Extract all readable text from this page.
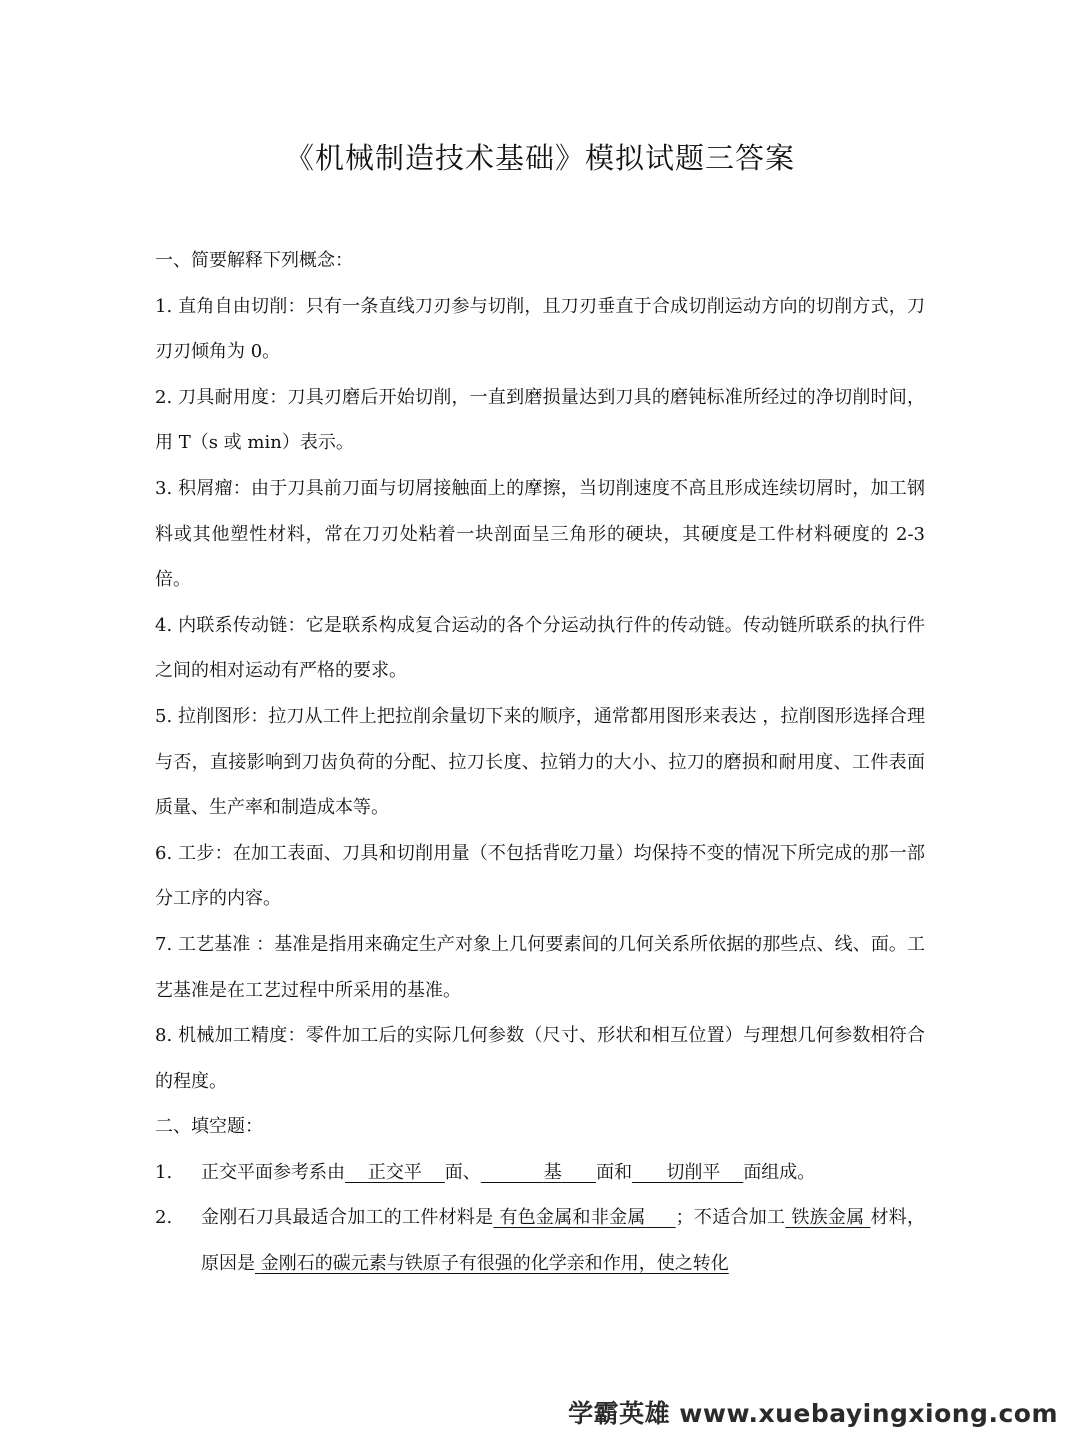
《机械制造技术基础》模拟试题三答案

一、简要解释下列概念：

1. 直角自由切削：只有一条直线刀刃参与切削，且刀刃垂直于合成切削运动方向的切削方式，刀刃刃倾角为 0。

2. 刀具耐用度：刀具刃磨后开始切削，一直到磨损量达到刀具的磨钝标准所经过的净切削时间，用 T（s 或 min）表示。

3. 积屑瘤：由于刀具前刀面与切屑接触面上的摩擦，当切削速度不高且形成连续切屑时，加工钢料或其他塑性材料，常在刀刃处粘着一块剖面呈三角形的硬块，其硬度是工件材料硬度的 2-3 倍。

4. 内联系传动链：它是联系构成复合运动的各个分运动执行件的传动链。传动链所联系的执行件之间的相对运动有严格的要求。

5. 拉削图形：拉刀从工件上把拉削余量切下来的顺序，通常都用图形来表达 ，拉削图形选择合理与否，直接影响到刀齿负荷的分配、拉刀长度、拉销力的大小、拉刀的磨损和耐用度、工件表面质量、生产率和制造成本等。

6. 工步：在加工表面、刀具和切削用量（不包括背吃刀量）均保持不变的情况下所完成的那一部分工序的内容。

7. 工艺基准 ：基准是指用来确定生产对象上几何要素间的几何关系所依据的那些点、线、面。工艺基准是在工艺过程中所采用的基准。

8. 机械加工精度：零件加工后的实际几何参数（尺寸、形状和相互位置）与理想几何参数相符合的程度。

二、填空题：

1. 正交平面参考系由 正交平 面、	基 面和 切削平 面组成。

2. 金刚石刀具最适合加工的工件材料是 有色金属和非金属 ；不适合加工 铁族金属 材料，原因是 金刚石的碳元素与铁原子有很强的化学亲和作用，使之转化

学霸英雄 www.xuebayingxiong.com
